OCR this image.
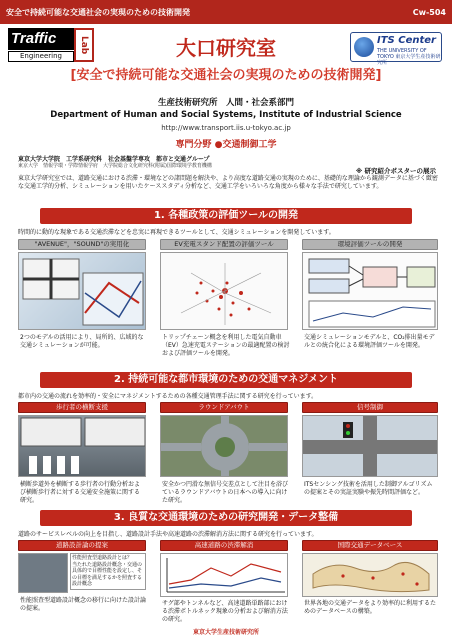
安全で持続可能な交通社会の実現のための技術開発	Cw-504
Traffic	Lab
Engineering
ITS Center
THE UNIVERSITY OF TOKYO 東京大学生産技術研究所
大口研究室
[安全で持続可能な交通社会の実現のための技術開発]
生産技術研究所　人間・社会系部門
Department of Human and Social Systems, Institute of Industrial Science
http://www.transport.iis.u-tokyo.ac.jp
専門分野 ●交通制御工学
東京大学大学院　工学系研究科　社会基盤学専攻　都市と交通グループ
東京大学　情報学環・学際情報学府　大学院総合文化研究科(附属)国際環境学教育機構
※ 研究紹介ポスターの展示
東京大学研究室では、道路交通における渋滞・環境などの諸問題を解決や、より高度な道路交通の実現のために、基礎的な理論から観測データに基づく緻密な交通工学的分析、シミュレーションを用いたケーススタディ分析など、交通工学をいろいろな角度から様々な手法で研究しています。
1. 各種政策の評価ツールの開発
時間的に動的な現象である交通渋滞などを忠実に再現できるツールとして、交通シミュレーションを開発しています。
"AVENUE"，"SOUND"の実用化	EV充電スタンド配置の評価ツール	環境評価ツールの開発
2つのモデルの活用により、局所的、広域的な交通シミュレーションが可能。
トリップチェーン概念を利用した電気自動車（EV）急速充電ステーションの最適配置の検討および評価ツールを開発。
交通シミュレーションモデルと、CO₂排出量モデルとの統合化による環境評価ツールを開発。
2. 持続可能な都市環境のための交通マネジメント
都市内の交通の流れを効率的・安全にマネジメントするための各種交通管理手法に関する研究を行っています。
歩行者の横断支援	ラウンドアバウト	信号制御
横断歩道外を横断する歩行者の行動分析および横断歩行者に対する交通安全施策に関する研究。
安全かつ円滑な無信号交差点として注目を浴びているラウンドアバウトの日本への導入に向けた研究。
ITSセンシング技術を活用した制御アルゴリズムの提案とその実証実験や振先時間評価など。
3. 良質な交通環境のための研究開発・データ整備
道路のサービスレベルの向上を目指し、道路設計手法や高速道路の渋滞解消方法に関する研究を行っています。
道路設計論の提案	高速道路の渋滞解消	国際交通データベース
性能照査型道路設計とは？
当たれた道路設計概念・交通の具体的で目標性能を設定し、その目標を満足するかを照査する設計概念
性能照査型道路設計概念の移行に向けた設計論の提案。
サグ部やトンネルなど、高速道路単路部における渋滞ボトルネック現象の分析および解消方法の研究。
世界各地の交通データをより効率的に利用するためのデータベースの構築。
東京大学生産技術研究所
